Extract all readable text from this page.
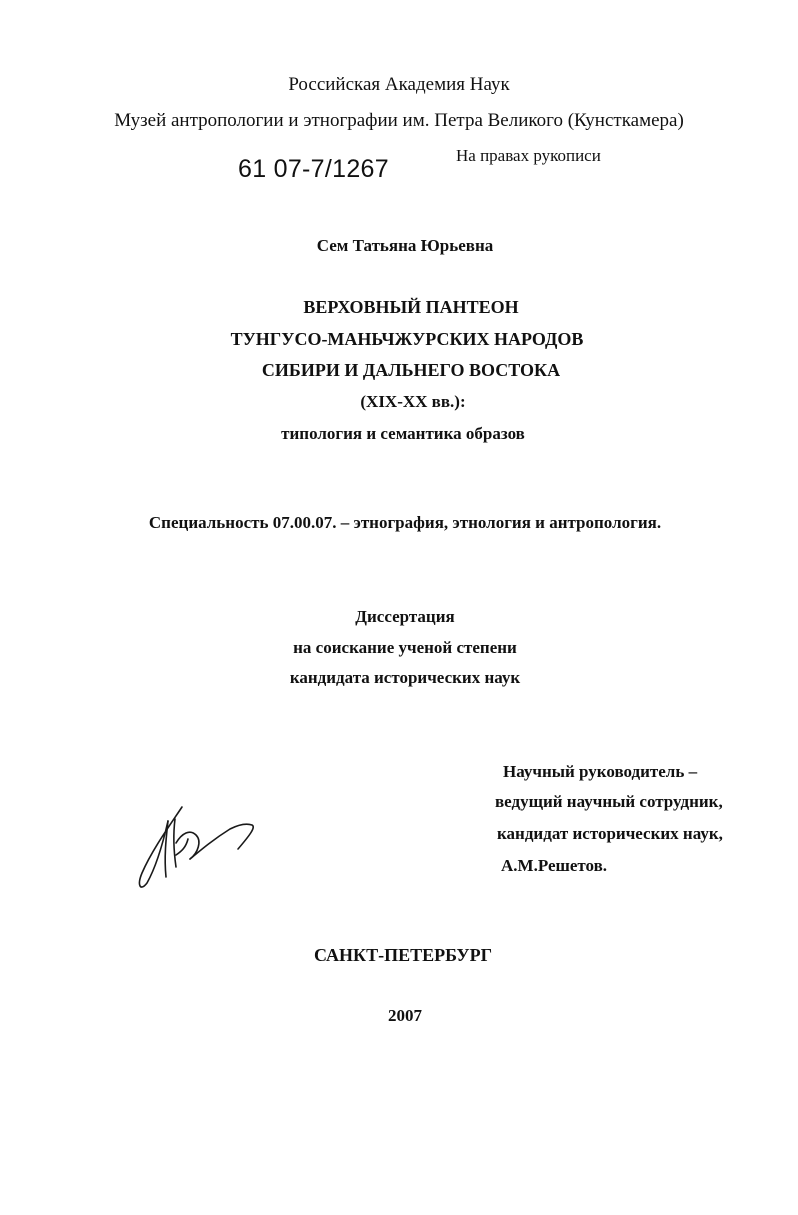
Российская Академия Наук
Музей антропологии и этнографии им. Петра Великого (Кунсткамера)
61 07-7/1267	На правах рукописи
Сем Татьяна Юрьевна
ВЕРХОВНЫЙ ПАНТЕОН
ТУНГУСО-МАНЬЧЖУРСКИХ НАРОДОВ
СИБИРИ И ДАЛЬНЕГО ВОСТОКА
(XIX-XX вв.):
типология и семантика образов
Специальность 07.00.07. – этнография, этнология и антропология.
Диссертация
на соискание ученой степени
кандидата исторических наук
Научный руководитель –
ведущий научный сотрудник,
кандидат исторических наук,
А.М.Решетов.
САНКТ-ПЕТЕРБУРГ
2007
